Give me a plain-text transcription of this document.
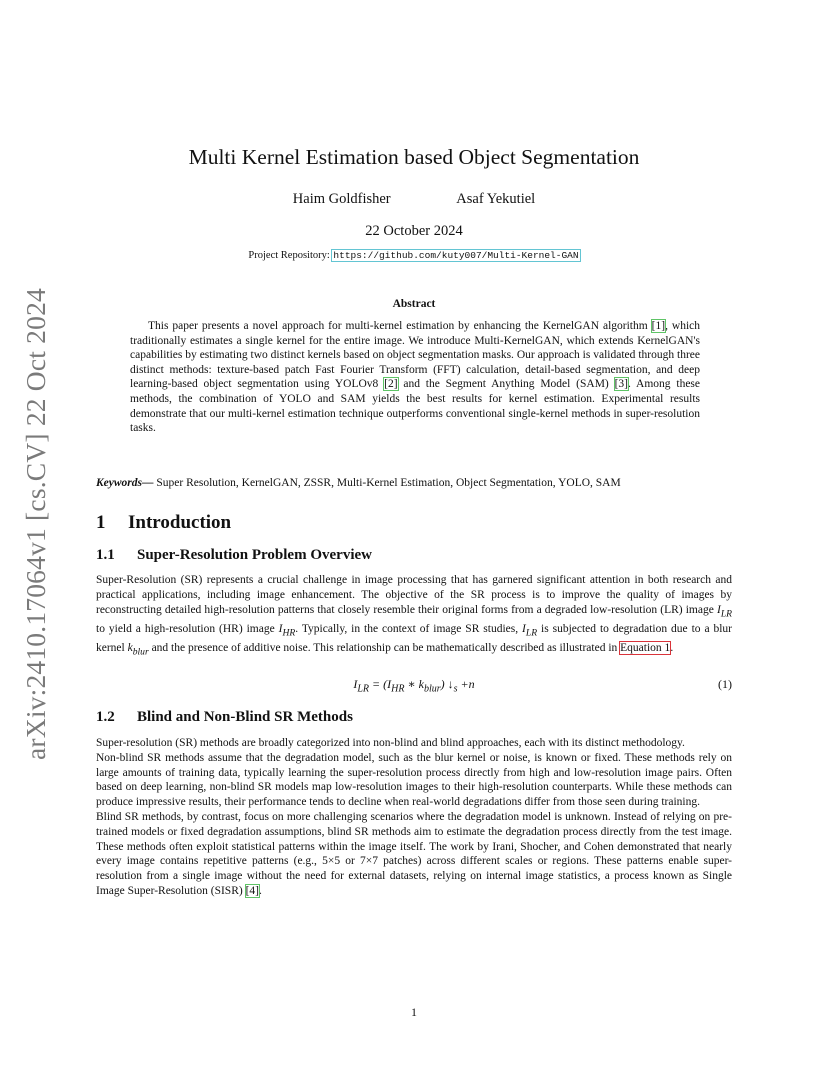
arXiv:2410.17064v1 [cs.CV] 22 Oct 2024
Multi Kernel Estimation based Object Segmentation
Haim Goldfisher	Asaf Yekutiel
22 October 2024
Project Repository: https://github.com/kuty007/Multi-Kernel-GAN
Abstract
This paper presents a novel approach for multi-kernel estimation by enhancing the KernelGAN algorithm [1], which traditionally estimates a single kernel for the entire image. We introduce Multi-KernelGAN, which extends KernelGAN's capabilities by estimating two distinct kernels based on object segmentation masks. Our approach is validated through three distinct methods: texture-based patch Fast Fourier Transform (FFT) calculation, detail-based segmentation, and deep learning-based object segmentation using YOLOv8 [2] and the Segment Anything Model (SAM) [3]. Among these methods, the combination of YOLO and SAM yields the best results for kernel estimation. Experimental results demonstrate that our multi-kernel estimation technique outperforms conventional single-kernel methods in super-resolution tasks.
Keywords— Super Resolution, KernelGAN, ZSSR, Multi-Kernel Estimation, Object Segmentation, YOLO, SAM
1 Introduction
1.1 Super-Resolution Problem Overview
Super-Resolution (SR) represents a crucial challenge in image processing that has garnered significant attention in both research and practical applications, including image enhancement. The objective of the SR process is to improve the quality of images by reconstructing detailed high-resolution patterns that closely resemble their original forms from a degraded low-resolution (LR) image $I_{LR}$ to yield a high-resolution (HR) image $I_{HR}$. Typically, in the context of image SR studies, $I_{LR}$ is subjected to degradation due to a blur kernel $k_{blur}$ and the presence of additive noise. This relationship can be mathematically described as illustrated in Equation 1.
$I_{LR} = (I_{HR}$ ∗ $k_{blur}$) $↓_s +n$	(1)
1.2 Blind and Non-Blind SR Methods

Super-resolution (SR) methods are broadly categorized into non-blind and blind approaches, each with its distinct methodology.

Non-blind SR methods assume that the degradation model, such as the blur kernel or noise, is known or fixed. These methods rely on large amounts of training data, typically learning the super-resolution process directly from high and low-resolution image pairs. Often based on deep learning, non-blind SR models map low-resolution images to their high-resolution counterparts. While these methods can produce impressive results, their performance tends to decline when real-world degradations differ from those seen during training.

Blind SR methods, by contrast, focus on more challenging scenarios where the degradation model is unknown. Instead of relying on pre-trained models or fixed degradation assumptions, blind SR methods aim to estimate the degradation process directly from the test image. These methods often exploit statistical patterns within the image itself. The work by Irani, Shocher, and Cohen demonstrated that nearly every image contains repetitive patterns (e.g., 5×5 or 7×7 patches) across different scales or regions. These patterns enable super-resolution from a single image without the need for external datasets, relying on internal image statistics, a process known as Single Image Super-Resolution (SISR) [4].

1
